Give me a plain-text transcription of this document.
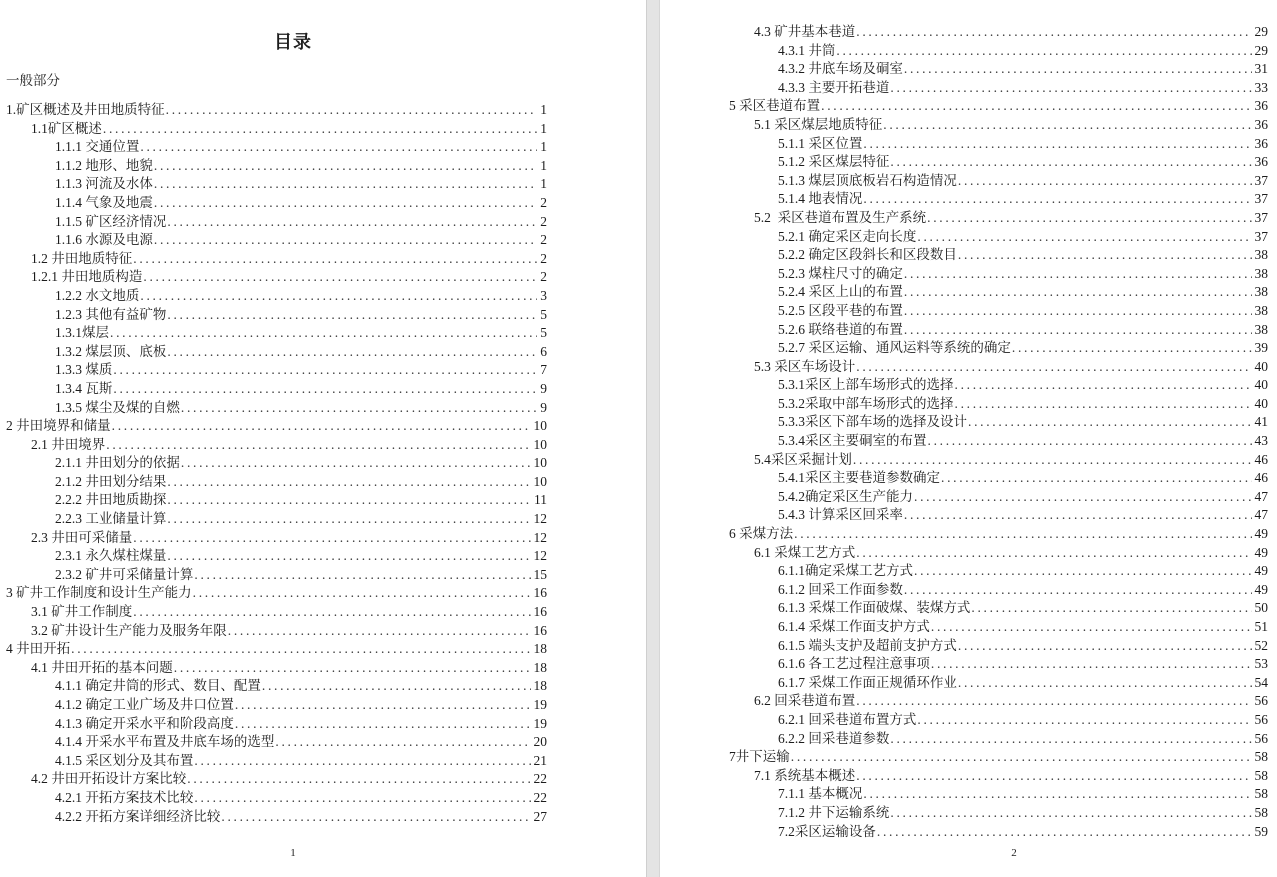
目录
一般部分
1.矿区概述及井田地质特征 .....	1
1.1矿区概述 .....	1
1.1.1 交通位置 .....	1
1.1.2 地形、地貌 .....	1
1.1.3 河流及水体 .....	1
1.1.4 气象及地震 .....	2
1.1.5 矿区经济情况 .....	2
1.1.6 水源及电源 .....	2
1.2 井田地质特征 .....	2
1.2.1 井田地质构造 .....	2
1.2.2 水文地质 .....	3
1.2.3 其他有益矿物 .....	5
1.3.1煤层 .....	5
1.3.2 煤层顶、底板 .....	6
1.3.3 煤质 .....	7
1.3.4 瓦斯 .....	9
1.3.5 煤尘及煤的自燃 .....	9
2 井田境界和储量 .....	10
2.1 井田境界 .....	10
2.1.1 井田划分的依据 .....	10
2.1.2 井田划分结果 .....	10
2.2.2 井田地质勘探 .....	11
2.2.3 工业储量计算 .....	12
2.3 井田可采储量 .....	12
2.3.1 永久煤柱煤量 .....	12
2.3.2 矿井可采储量计算 .....	15
3 矿井工作制度和设计生产能力 .....	16
3.1 矿井工作制度 .....	16
3.2 矿井设计生产能力及服务年限 .....	16
4 井田开拓 .....	18
4.1 井田开拓的基本问题 .....	18
4.1.1 确定井筒的形式、数目、配置 .....	18
4.1.2 确定工业广场及井口位置 .....	19
4.1.3 确定开采水平和阶段高度 .....	19
4.1.4 开采水平布置及井底车场的选型 .....	20
4.1.5 采区划分及其布置 .....	21
4.2 井田开拓设计方案比较 .....	22
4.2.1 开拓方案技术比较 .....	22
4.2.2 开拓方案详细经济比较 .....	27
1
4.3 矿井基本巷道 .....	29
4.3.1 井筒 .....	29
4.3.2 井底车场及硐室 .....	31
4.3.3 主要开拓巷道 .....	33
5 采区巷道布置 .....	36
5.1 采区煤层地质特征 .....	36
5.1.1 采区位置 .....	36
5.1.2 采区煤层特征 .....	36
5.1.3 煤层顶底板岩石构造情况 .....	37
5.1.4 地表情况 .....	37
5.2  采区巷道布置及生产系统 .....	37
5.2.1 确定采区走向长度 .....	37
5.2.2 确定区段斜长和区段数目 .....	38
5.2.3 煤柱尺寸的确定 .....	38
5.2.4 采区上山的布置 .....	38
5.2.5 区段平巷的布置 .....	38
5.2.6 联络巷道的布置 .....	38
5.2.7 采区运输、通风运料等系统的确定 .....	39
5.3 采区车场设计 .....	40
5.3.1采区上部车场形式的选择 .....	40
5.3.2采取中部车场形式的选择 .....	40
5.3.3采区下部车场的选择及设计 .....	41
5.3.4采区主要硐室的布置 .....	43
5.4采区采掘计划 .....	46
5.4.1采区主要巷道参数确定 .....	46
5.4.2确定采区生产能力 .....	47
5.4.3 计算采区回采率 .....	47
6 采煤方法 .....	49
6.1 采煤工艺方式 .....	49
6.1.1确定采煤工艺方式 .....	49
6.1.2 回采工作面参数 .....	49
6.1.3 采煤工作面破煤、装煤方式 .....	50
6.1.4 采煤工作面支护方式 .....	51
6.1.5 端头支护及超前支护方式 .....	52
6.1.6 各工艺过程注意事项 .....	53
6.1.7 采煤工作面正规循环作业 .....	54
6.2 回采巷道布置 .....	56
6.2.1 回采巷道布置方式 .....	56
6.2.2 回采巷道参数 .....	56
7井下运输 .....	58
7.1 系统基本概述 .....	58
7.1.1 基本概况 .....	58
7.1.2 井下运输系统 .....	58
7.2采区运输设备 .....	59
2
